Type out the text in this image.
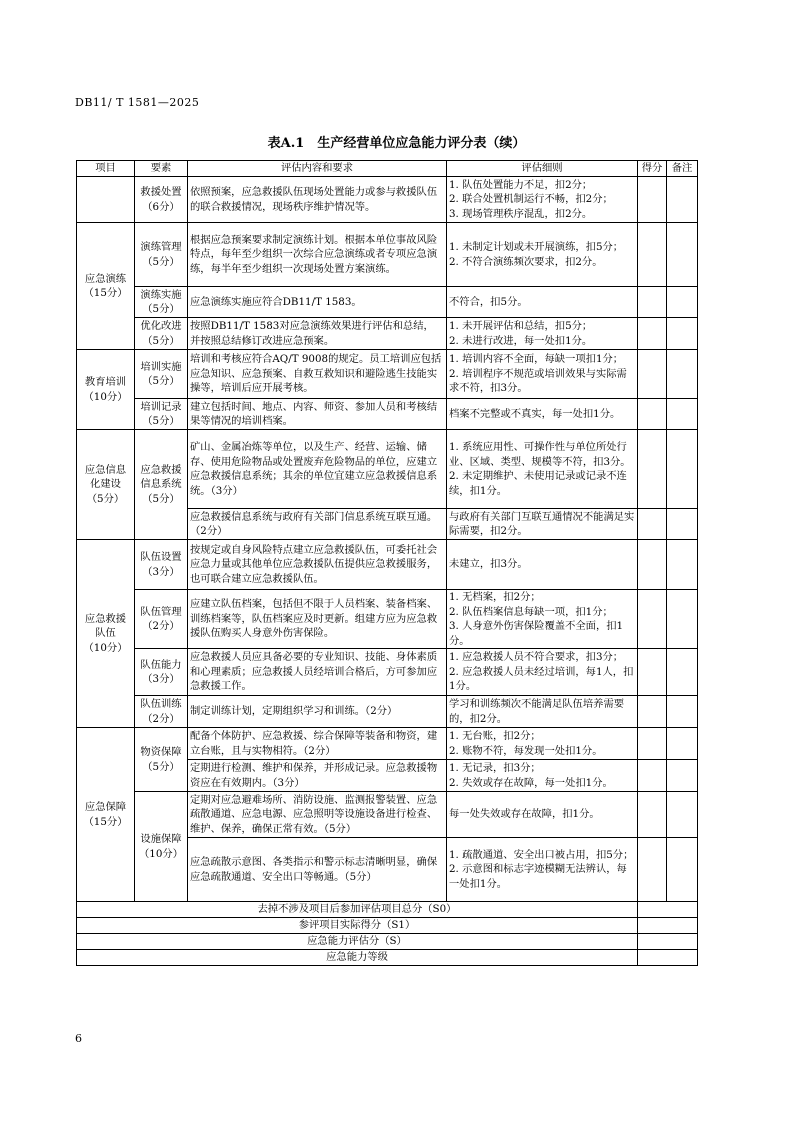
DB11/ T 1581—2025
表A.1　生产经营单位应急能力评分表（续）
项目	要素	评估内容和要求	评估细则	得分	备注

	救援处置
（6分）	依照预案，应急救援队伍现场处置能力或参与救援队伍的联合救援情况，现场秩序维护情况等。	1. 队伍处置能力不足，扣2分；
2. 联合处置机制运行不畅，扣2分；
3. 现场管理秩序混乱，扣2分。		

应急演练
（15分）	演练管理
（5分）	根据应急预案要求制定演练计划。根据本单位事故风险特点，每年至少组织一次综合应急演练或者专项应急演练，每半年至少组织一次现场处置方案演练。	1. 未制定计划或未开展演练，扣5分；
2. 不符合演练频次要求，扣2分。		

	演练实施
（5分）	应急演练实施应符合DB11/T 1583。	不符合，扣5分。		

	优化改进
（5分）	按照DB11/T 1583对应急演练效果进行评估和总结，并按照总结修订改进应急预案。	1. 未开展评估和总结，扣5分；
2. 未进行改进，每一处扣1分。		

教育培训
（10分）	培训实施
（5分）	培训和考核应符合AQ/T 9008的规定。员工培训应包括应急知识、应急预案、自救互救知识和避险逃生技能实操等，培训后应开展考核。	1. 培训内容不全面，每缺一项扣1分；
2. 培训程序不规范或培训效果与实际需求不符，扣3分。		

	培训记录
（5分）	建立包括时间、地点、内容、师资、参加人员和考核结果等情况的培训档案。	档案不完整或不真实，每一处扣1分。		

应急信息
化建设
（5分）	应急救援
信息系统
（5分）	矿山、金属冶炼等单位，以及生产、经营、运输、储存、使用危险物品或处置废弃危险物品的单位，应建立应急救援信息系统；其余的单位宜建立应急救援信息系统。（3分）	1. 系统应用性、可操作性与单位所处行业、区域、类型、规模等不符，扣3分。
2. 未定期维护、未使用记录或记录不连续，扣1分。		

		应急救援信息系统与政府有关部门信息系统互联互通。（2分）	与政府有关部门互联互通情况不能满足实际需要，扣2分。		

应急救援
队伍
（10分）	队伍设置
（3分）	按规定或自身风险特点建立应急救援队伍，可委托社会应急力量或其他单位应急救援队伍提供应急救援服务，也可联合建立应急救援队伍。	未建立，扣3分。		

	队伍管理
（2分）	应建立队伍档案，包括但不限于人员档案、装备档案、训练档案等，队伍档案应及时更新。组建方应为应急救援队伍购买人身意外伤害保险。	1. 无档案，扣2分；
2. 队伍档案信息每缺一项，扣1分；
3. 人身意外伤害保险覆盖不全面，扣1分。		

	队伍能力
（3分）	应急救援人员应具备必要的专业知识、技能、身体素质和心理素质；应急救援人员经培训合格后，方可参加应急救援工作。	1. 应急救援人员不符合要求，扣3分；
2. 应急救援人员未经过培训，每1人，扣1分。		

	队伍训练
（2分）	制定训练计划，定期组织学习和训练。（2分）	学习和训练频次不能满足队伍培养需要的，扣2分。		

应急保障
（15分）	物资保障
（5分）	配备个体防护、应急救援、综合保障等装备和物资，建立台账，且与实物相符。（2分）	1. 无台账，扣2分；
2. 账物不符，每发现一处扣1分。		

		定期进行检测、维护和保养，并形成记录。应急救援物资应在有效期内。（3分）	1. 无记录，扣3分；
2. 失效或存在故障，每一处扣1分。		

	设施保障
（10分）	定期对应急避难场所、消防设施、监测报警装置、应急疏散通道、应急电源、应急照明等设施设备进行检查、维护、保养，确保正常有效。（5分）	每一处失效或存在故障，扣1分。		
		应急疏散示意图、各类指示和警示标志清晰明显，确保应急疏散通道、安全出口等畅通。（5分）	1. 疏散通道、安全出口被占用，扣5分；
2. 示意图和标志字迹模糊无法辨认，每一处扣1分。		

去掉不涉及项目后参加评估项目总分（S0）					
参评项目实际得分（S1）					
应急能力评估分（S）					
应急能力等级					
6
